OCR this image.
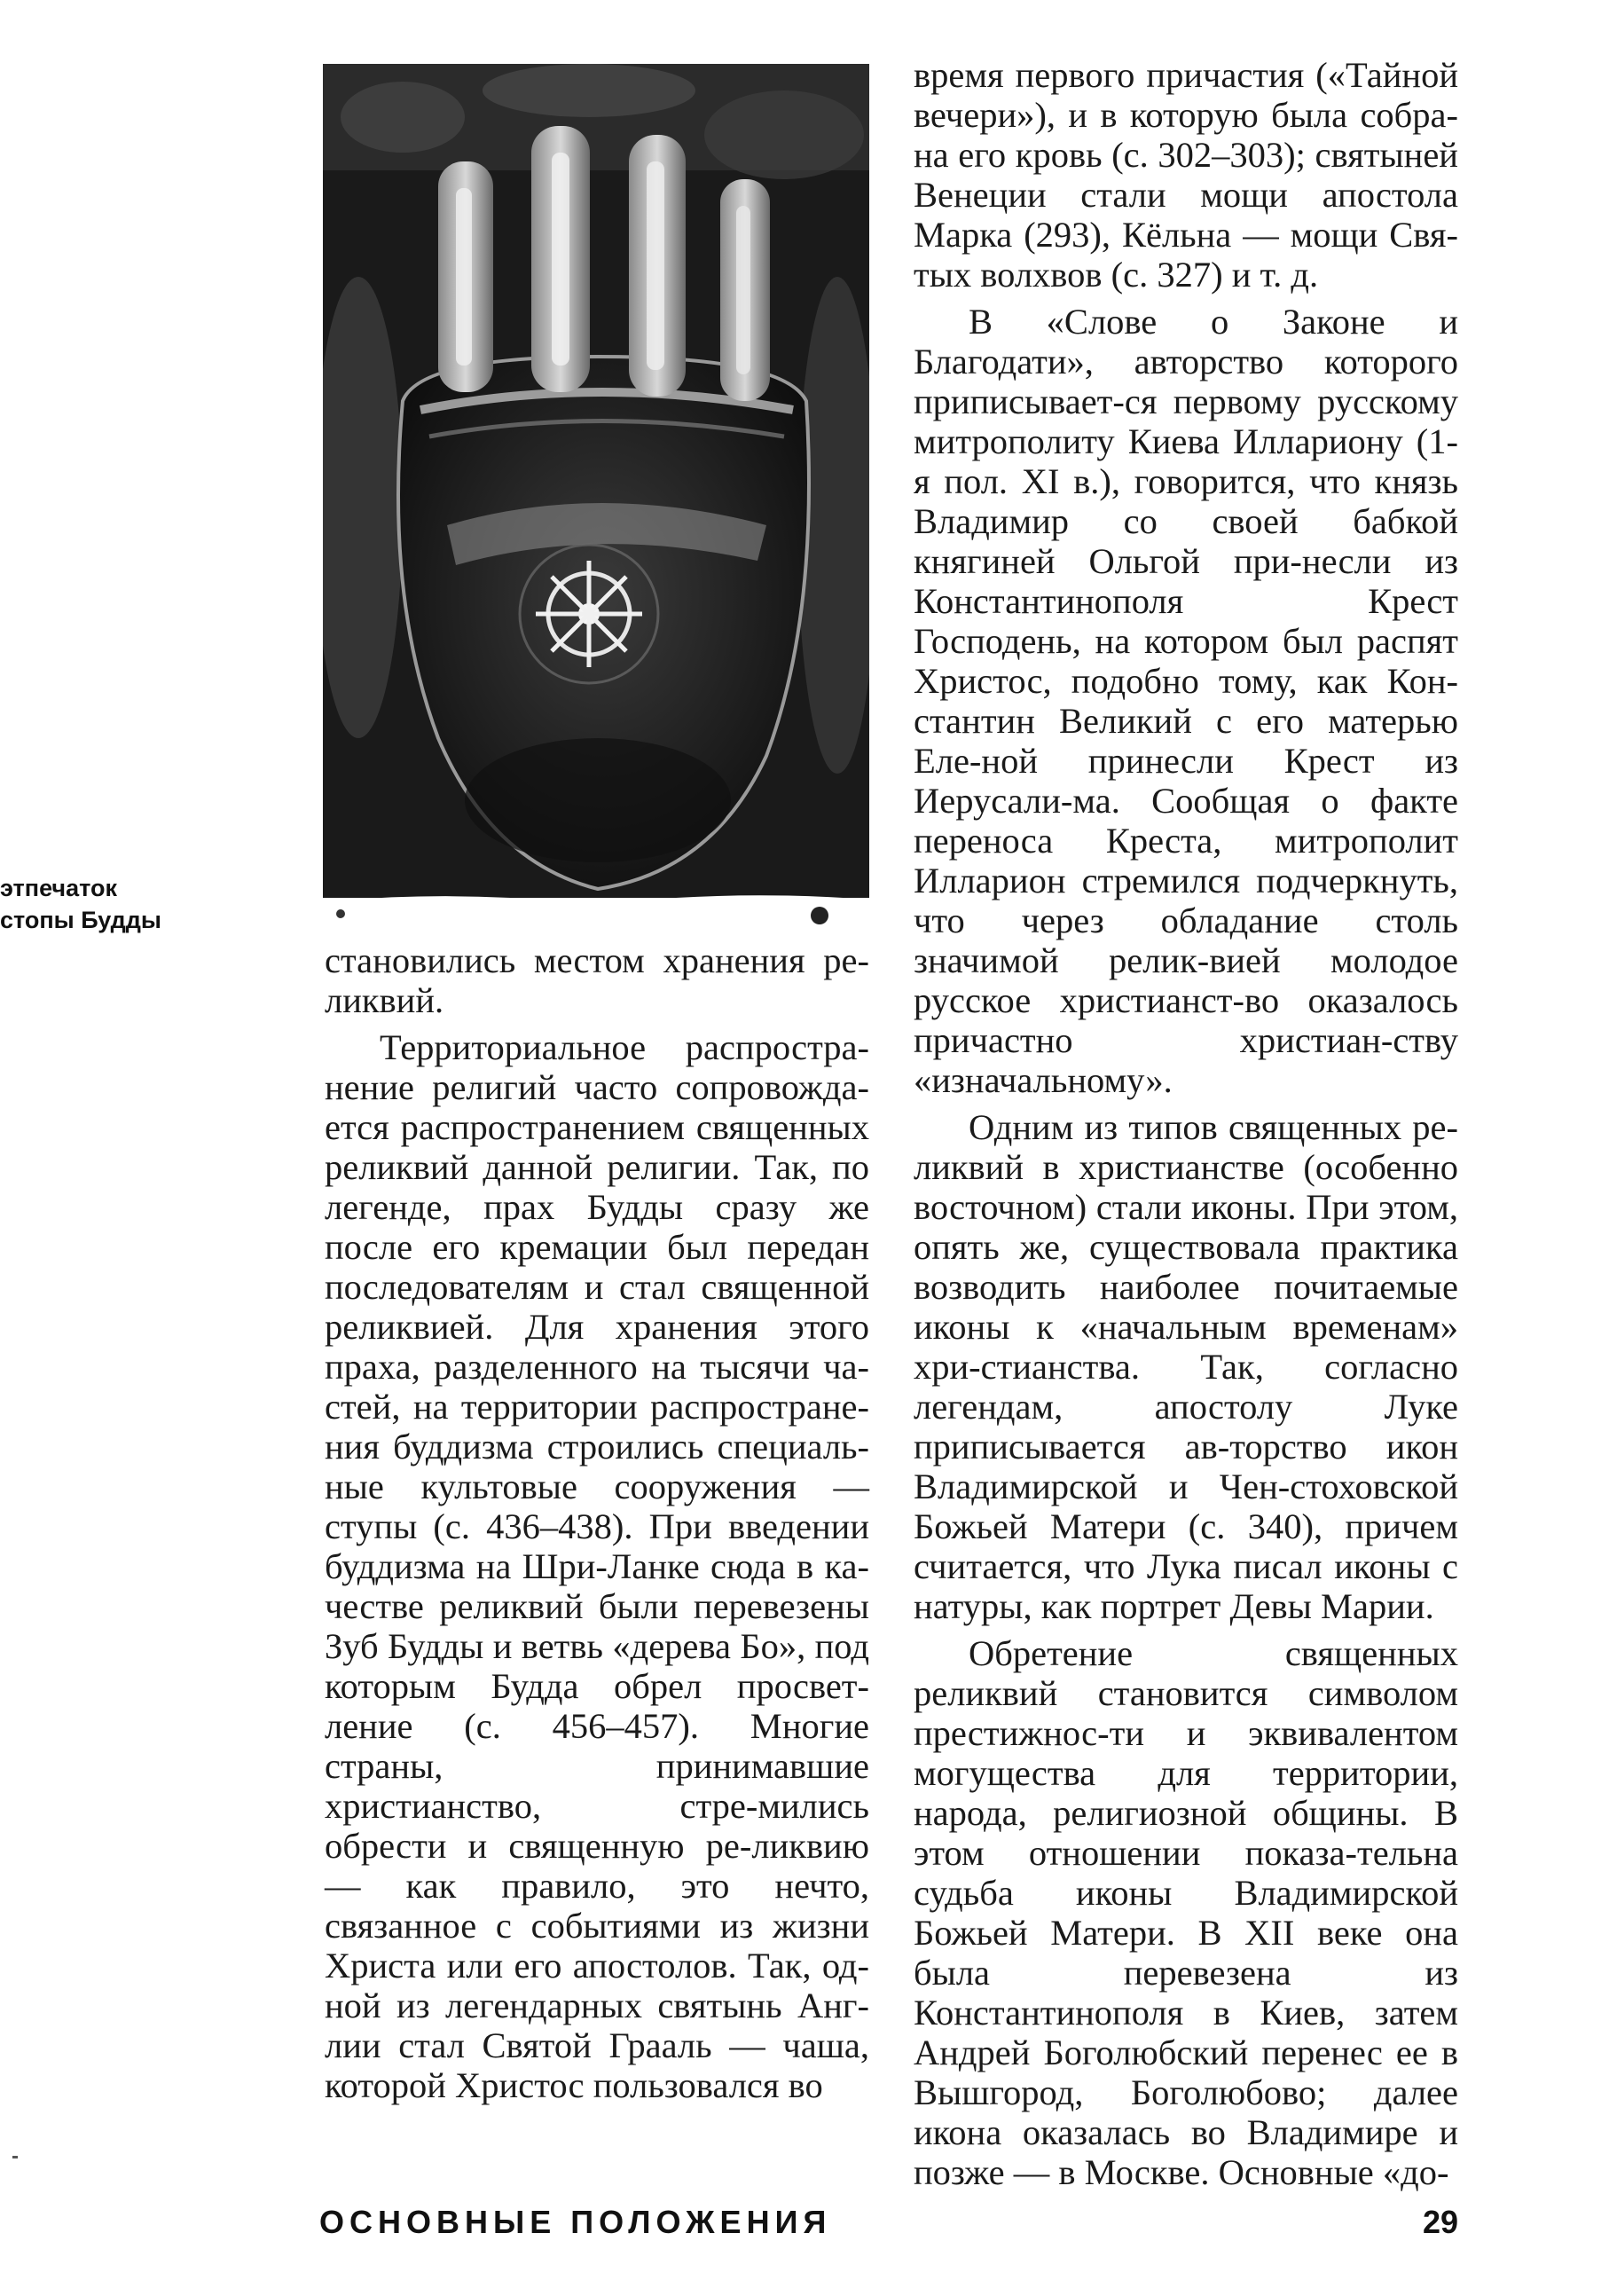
этпечаток
стопы Будды

становились местом хранения ре-ликвий.

Территориальное распростра-нение религий часто сопровожда-ется распространением священных реликвий данной религии. Так, по легенде, прах Будды сразу же после его кремации был передан последователям и стал священной реликвией. Для хранения этого праха, разделенного на тысячи ча-стей, на территории распростране-ния буддизма строились специаль-ные культовые сооружения — ступы (с. 436–438). При введении буддизма на Шри-Ланке сюда в ка-честве реликвий были перевезены Зуб Будды и ветвь «дерева Бо», под которым Будда обрел просвет-ление (с. 456–457). Многие страны, принимавшие христианство, стре-мились обрести и священную ре-ликвию — как правило, это нечто, связанное с событиями из жизни Христа или его апостолов. Так, од-ной из легендарных святынь Анг-лии стал Святой Грааль — чаша, которой Христос пользовался во

время первого причастия («Тайной вечери»), и в которую была собра-на его кровь (с. 302–303); святыней Венеции стали мощи апостола Марка (293), Кёльна — мощи Свя-тых волхвов (с. 327) и т. д.

В «Слове о Законе и Благодати», авторство которого приписывает-ся первому русскому митрополиту Киева Иллариону (1-я пол. XI в.), говорится, что князь Владимир со своей бабкой княгиней Ольгой при-несли из Константинополя Крест Господень, на котором был распят Христос, подобно тому, как Кон-стантин Великий с его матерью Еле-ной принесли Крест из Иерусали-ма. Сообщая о факте переноса Креста, митрополит Илларион стремился подчеркнуть, что через обладание столь значимой релик-вией молодое русское христианст-во оказалось причастно христиан-ству «изначальному».

Одним из типов священных ре-ликвий в христианстве (особенно восточном) стали иконы. При этом, опять же, существовала практика возводить наиболее почитаемые иконы к «начальным временам» хри-стианства. Так, согласно легендам, апостолу Луке приписывается ав-торство икон Владимирской и Чен-стоховской Божьей Матери (с. 340), причем считается, что Лука писал иконы с натуры, как портрет Девы Марии.

Обретение священных реликвий становится символом престижнос-ти и эквивалентом могущества для территории, народа, религиозной общины. В этом отношении показа-тельна судьба иконы Владимирской Божьей Матери. В XII веке она была перевезена из Константинополя в Киев, затем Андрей Боголюбский перенес ее в Вышгород, Боголюбово; далее икона оказалась во Владимире и позже — в Москве. Основные «до-

ОСНОВНЫЕ ПОЛОЖЕНИЯ	29
